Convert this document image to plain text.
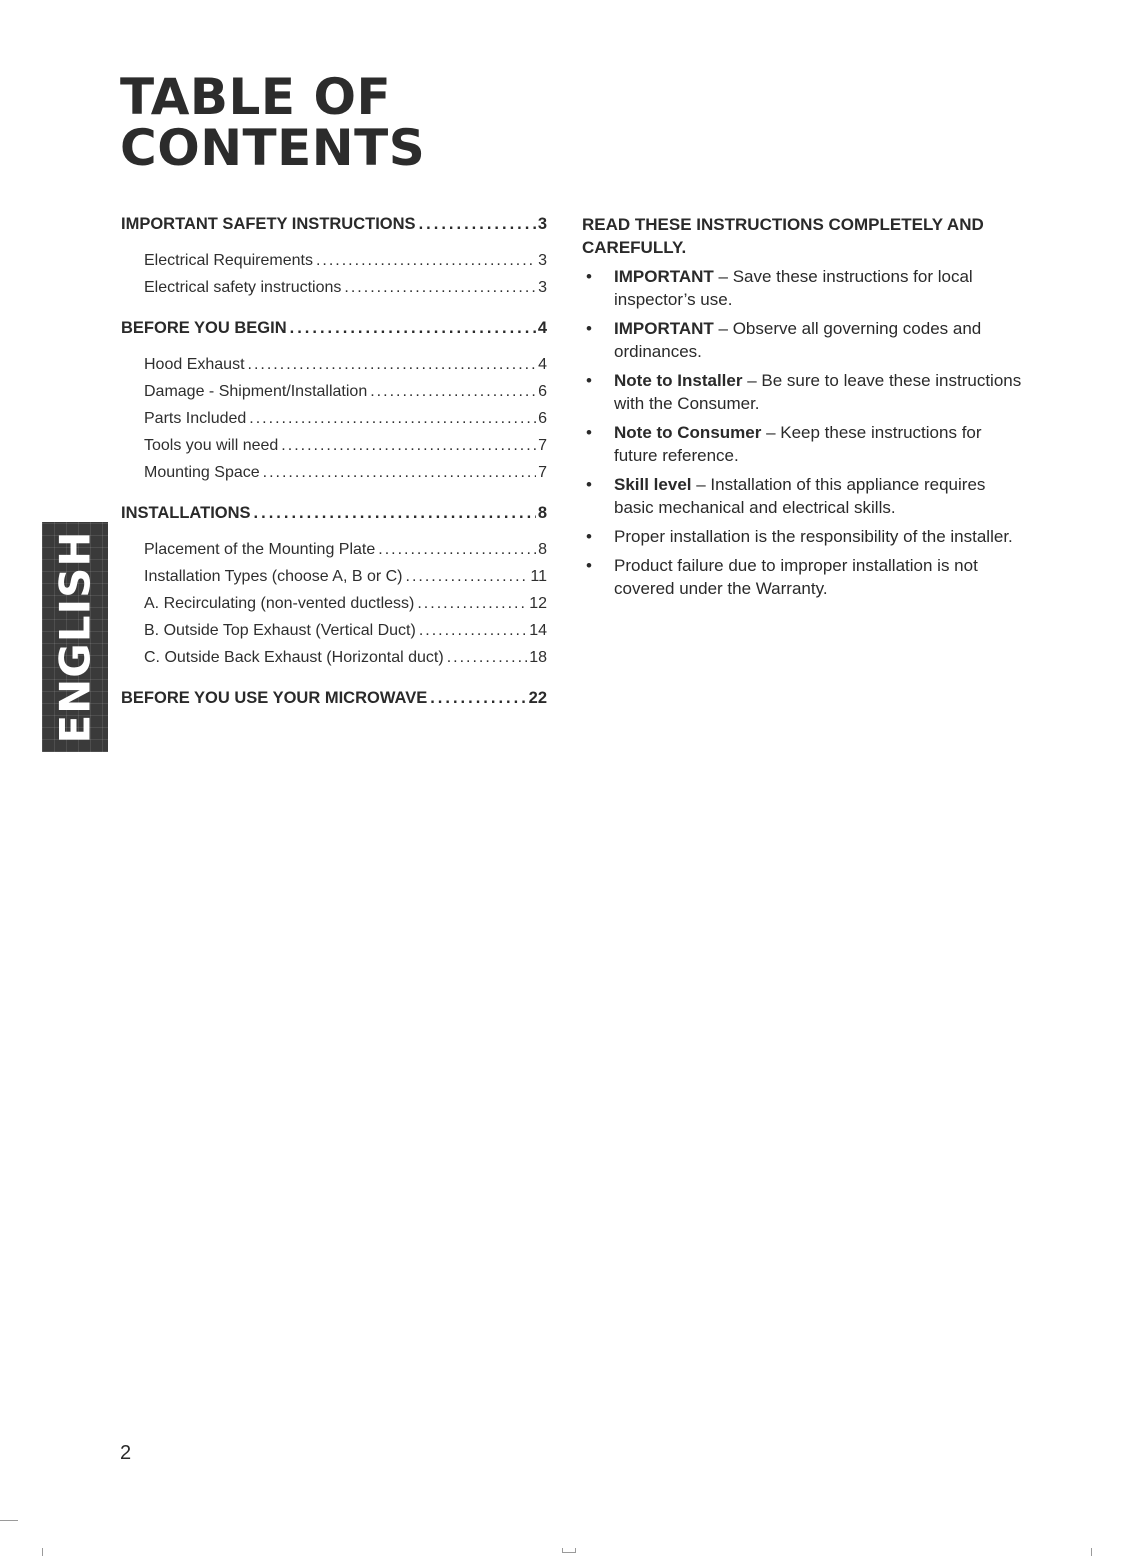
TABLE OF
CONTENTS
ENGLISH
IMPORTANT SAFETY INSTRUCTIONS .....	3
Electrical Requirements .....	3
Electrical safety instructions .....	3
BEFORE YOU BEGIN .....	4
Hood Exhaust .....	4
Damage - Shipment/Installation .....	6
Parts Included .....	6
Tools you will need .....	7
Mounting Space .....	7
INSTALLATIONS .....	8
Placement of the Mounting Plate .....	8
Installation Types (choose A, B or C) .....	11
A. Recirculating (non-vented ductless) .....	12
B. Outside Top Exhaust (Vertical Duct) .....	14
C. Outside Back Exhaust (Horizontal duct) .....	18
BEFORE YOU USE YOUR MICROWAVE .....	22
READ THESE INSTRUCTIONS COMPLETELY AND CAREFULLY.
• IMPORTANT – Save these instructions for local inspector’s use.
• IMPORTANT – Observe all governing codes and ordinances.
• Note to Installer – Be sure to leave these instructions with the Consumer.
• Note to Consumer – Keep these instructions for future reference.
• Skill level – Installation of this appliance requires basic mechanical and electrical skills.
• Proper installation is the responsibility of the installer.
• Product failure due to improper installation is not covered under the Warranty.
2
